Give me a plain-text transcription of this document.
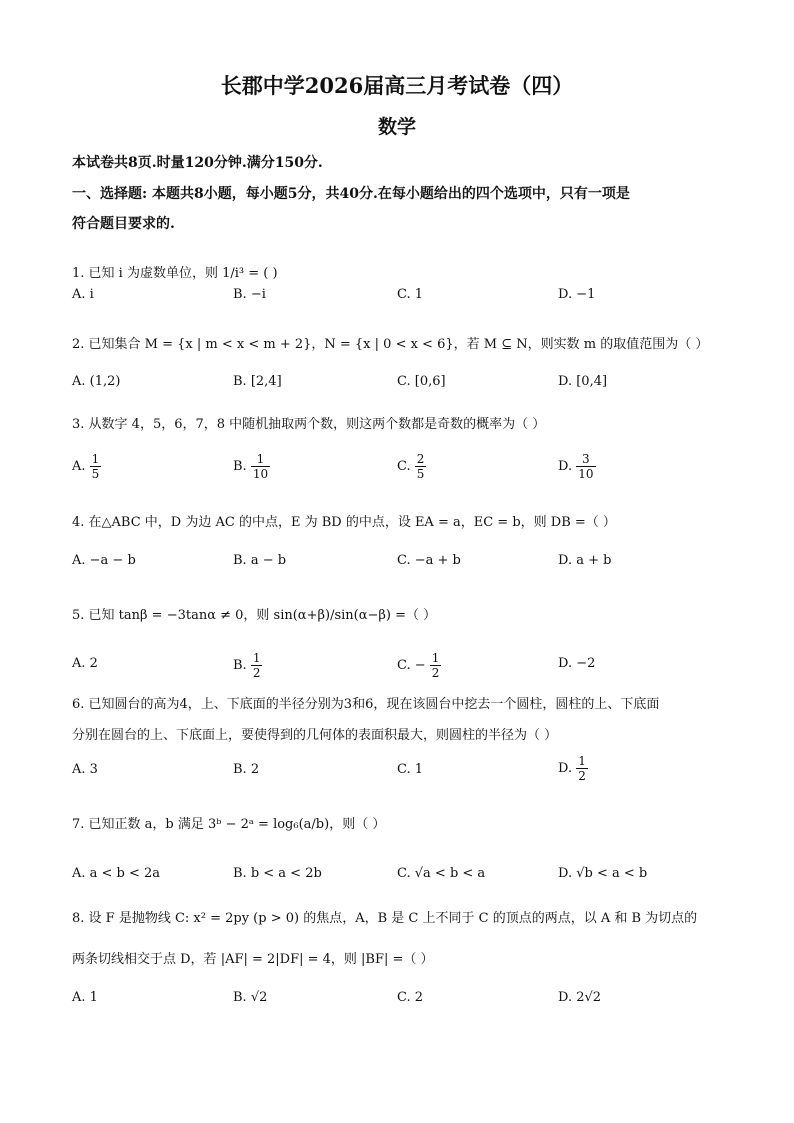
长郡中学2026届高三月考试卷（四）
数学
本试卷共8页.时量120分钟.满分150分.
一、选择题: 本题共8小题，每小题5分，共40分.在每小题给出的四个选项中，只有一项是
符合题目要求的.
1. 已知 i 为虚数单位，则 1/i³ = ( )
A. i	B. −i	C. 1	D. −1
2. 已知集合 M = {x | m < x < m + 2}，N = {x | 0 < x < 6}，若 M ⊆ N，则实数 m 的取值范围为（ ）
A. (1,2)	B. [2,4]	C. [0,6]	D. [0,4]
3. 从数字 4，5，6，7，8 中随机抽取两个数，则这两个数都是奇数的概率为（ ）
A. $\frac{1}{5}$	B. $\frac{1}{10}$	C. $\frac{2}{5}$	D. $\frac{3}{10}$
4. 在△ABC 中，D 为边 AC 的中点，E 为 BD 的中点，设 EA = a，EC = b，则 DB =（ ）
A. −a − b	B. a − b	C. −a + b	D. a + b
5. 已知 tanβ = −3tanα ≠ 0，则 sin(α+β)/sin(α−β) =（ ）
A. 2	B. $\frac{1}{2}$	C. − $\frac{1}{2}$	D. −2
6. 已知圆台的高为4，上、下底面的半径分别为3和6，现在该圆台中挖去一个圆柱，圆柱的上、下底面
分别在圆台的上、下底面上，要使得到的几何体的表面积最大，则圆柱的半径为（ ）
A. 3	B. 2	C. 1	D. $\frac{1}{2}$
7. 已知正数 a，b 满足 3ᵇ − 2ᵃ = log₆(a/b)，则（ ）
A. a < b < 2a	B. b < a < 2b	C. √a < b < a	D. √b < a < b
8. 设 F 是抛物线 C: x² = 2py (p > 0) 的焦点，A，B 是 C 上不同于 C 的顶点的两点，以 A 和 B 为切点的
两条切线相交于点 D，若 |AF| = 2|DF| = 4，则 |BF| =（ ）
A. 1	B. √2	C. 2	D. 2√2
